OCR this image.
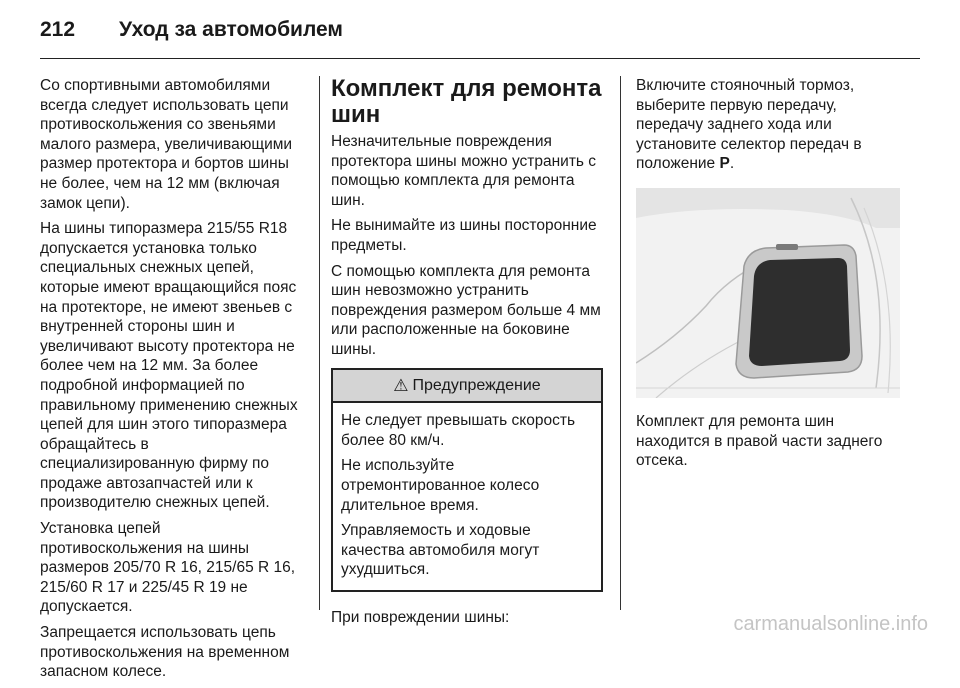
212 Уход за автомобилем

Со спортивными автомобилями всегда следует использовать цепи противоскольжения со звеньями малого размера, увеличивающими размер протектора и бортов шины не более, чем на 12 мм (включая замок цепи).

На шины типоразмера 215/55 R18 допускается установка только специальных снежных цепей, которые имеют вращающийся пояс на протекторе, не имеют звеньев с внутренней стороны шин и увеличивают высоту протектора не более чем на 12 мм. За более подробной информацией по правильному применению снежных цепей для шин этого типоразмера обращайтесь в специализированную фирму по продаже автозапчастей или к производителю снежных цепей.

Установка цепей противоскольжения на шины размеров 205/70 R 16, 215/65 R 16, 215/60 R 17 и 225/45 R 19 не допускается.

Запрещается использовать цепь противоскольжения на временном запасном колесе.

Комплект для ремонта шин

Незначительные повреждения протектора шины можно устранить с помощью комплекта для ремонта шин.

Не вынимайте из шины посторонние предметы.

С помощью комплекта для ремонта шин невозможно устранить повреждения размером больше 4 мм или расположенные на боковине шины.

⚠ Предупреждение

Не следует превышать скорость более 80 км/ч.

Не используйте отремонтированное колесо длительное время.

Управляемость и ходовые качества автомобиля могут ухудшиться.

При повреждении шины:

Включите стояночный тормоз, выберите первую передачу, передачу заднего хода или установите селектор передач в положение P.

Комплект для ремонта шин находится в правой части заднего отсека.

carmanualsonline.info
